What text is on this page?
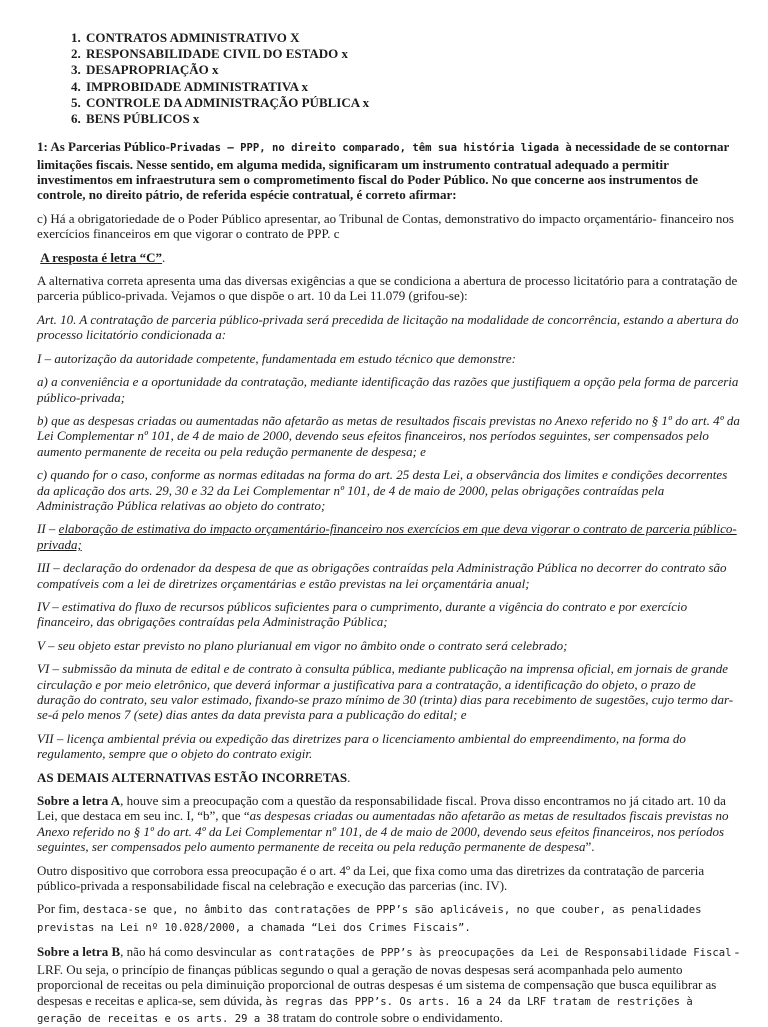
1. CONTRATOS ADMINISTRATIVO X
2. RESPONSABILIDADE CIVIL DO ESTADO x
3. DESAPROPRIAÇÃO x
4. IMPROBIDADE ADMINISTRATIVA x
5. CONTROLE DA ADMINISTRAÇÃO PÚBLICA x
6. BENS PÚBLICOS x

1: As Parcerias Público-Privadas – PPP, no direito comparado, têm sua história ligada à necessidade de se contornar limitações fiscais. Nesse sentido, em alguma medida, significaram um instrumento contratual adequado a permitir investimentos em infraestrutura sem o comprometimento fiscal do Poder Público. No que concerne aos instrumentos de controle, no direito pátrio, de referida espécie contratual, é correto afirmar:

c) Há a obrigatoriedade de o Poder Público apresentar, ao Tribunal de Contas, demonstrativo do impacto orçamentário- financeiro nos exercícios financeiros em que vigorar o contrato de PPP. c

A resposta é letra “C”.

A alternativa correta apresenta uma das diversas exigências a que se condiciona a abertura de processo licitatório para a contratação de parceria público-privada. Vejamos o que dispõe o art. 10 da Lei 11.079 (grifou-se):

Art. 10. A contratação de parceria público-privada será precedida de licitação na modalidade de concorrência, estando a abertura do processo licitatório condicionada a:

I – autorização da autoridade competente, fundamentada em estudo técnico que demonstre:

a) a conveniência e a oportunidade da contratação, mediante identificação das razões que justifiquem a opção pela forma de parceria público-privada;

b) que as despesas criadas ou aumentadas não afetarão as metas de resultados fiscais previstas no Anexo referido no § 1º do art. 4º da Lei Complementar nº 101, de 4 de maio de 2000, devendo seus efeitos financeiros, nos períodos seguintes, ser compensados pelo aumento permanente de receita ou pela redução permanente de despesa; e

c) quando for o caso, conforme as normas editadas na forma do art. 25 desta Lei, a observância dos limites e condições decorrentes da aplicação dos arts. 29, 30 e 32 da Lei Complementar nº 101, de 4 de maio de 2000, pelas obrigações contraídas pela Administração Pública relativas ao objeto do contrato;

II – elaboração de estimativa do impacto orçamentário-financeiro nos exercícios em que deva vigorar o contrato de parceria público-privada;

III – declaração do ordenador da despesa de que as obrigações contraídas pela Administração Pública no decorrer do contrato são compatíveis com a lei de diretrizes orçamentárias e estão previstas na lei orçamentária anual;

IV – estimativa do fluxo de recursos públicos suficientes para o cumprimento, durante a vigência do contrato e por exercício financeiro, das obrigações contraídas pela Administração Pública;

V – seu objeto estar previsto no plano plurianual em vigor no âmbito onde o contrato será celebrado;

VI – submissão da minuta de edital e de contrato à consulta pública, mediante publicação na imprensa oficial, em jornais de grande circulação e por meio eletrônico, que deverá informar a justificativa para a contratação, a identificação do objeto, o prazo de duração do contrato, seu valor estimado, fixando-se prazo mínimo de 30 (trinta) dias para recebimento de sugestões, cujo termo dar-se-á pelo menos 7 (sete) dias antes da data prevista para a publicação do edital; e

VII – licença ambiental prévia ou expedição das diretrizes para o licenciamento ambiental do empreendimento, na forma do regulamento, sempre que o objeto do contrato exigir.

AS DEMAIS ALTERNATIVAS ESTÃO INCORRETAS.

Sobre a letra A, houve sim a preocupação com a questão da responsabilidade fiscal. Prova disso encontramos no já citado art. 10 da Lei, que destaca em seu inc. I, “b”, que “as despesas criadas ou aumentadas não afetarão as metas de resultados fiscais previstas no Anexo referido no § 1º do art. 4º da Lei Complementar nº 101, de 4 de maio de 2000, devendo seus efeitos financeiros, nos períodos seguintes, ser compensados pelo aumento permanente de receita ou pela redução permanente de despesa”.

Outro dispositivo que corrobora essa preocupação é o art. 4º da Lei, que fixa como uma das diretrizes da contratação de parceria público-privada a responsabilidade fiscal na celebração e execução das parcerias (inc. IV).

Por fim, destaca-se que, no âmbito das contratações de PPP’s são aplicáveis, no que couber, as penalidades previstas na Lei nº 10.028/2000, a chamada “Lei dos Crimes Fiscais”.

Sobre a letra B, não há como desvincular as contratações de PPP’s às preocupações da Lei de Responsabilidade Fiscal - LRF. Ou seja, o princípio de finanças públicas segundo o qual a geração de novas despesas será acompanhada pelo aumento proporcional de receitas ou pela diminuição proporcional de outras despesas é um sistema de compensação que busca equilibrar as despesas e receitas e aplica-se, sem dúvida, às regras das PPP’s. Os arts. 16 a 24 da LRF tratam de restrições à geração de receitas e os arts. 29 a 38 tratam do controle sobre o endividamento.
